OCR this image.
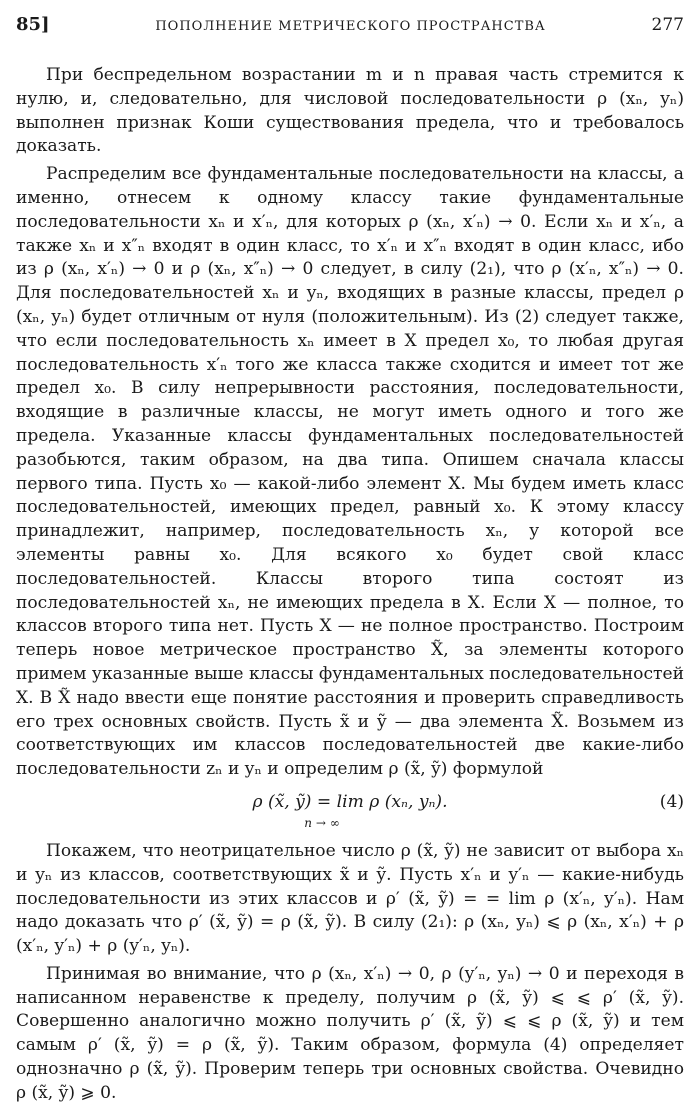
85]	ПОПОЛНЕНИЕ МЕТРИЧЕСКОГО ПРОСТРАНСТВА	277

При беспредельном возрастании m и n правая часть стремится к нулю, и, следовательно, для числовой последовательности ρ (xₙ, yₙ) выполнен признак Коши существования предела, что и требовалось доказать.

Распределим все фундаментальные последовательности на классы, а именно, отнесем к одному классу такие фундаментальные последовательности xₙ и x′ₙ, для которых ρ (xₙ, x′ₙ) → 0. Если xₙ и x′ₙ, а также xₙ и x″ₙ входят в один класс, то x′ₙ и x″ₙ входят в один класс, ибо из ρ (xₙ, x′ₙ) → 0 и ρ (xₙ, x″ₙ) → 0 следует, в силу (2₁), что ρ (x′ₙ, x″ₙ) → 0. Для последовательностей xₙ и yₙ, входящих в разные классы, предел ρ (xₙ, yₙ) будет отличным от нуля (положительным). Из (2) следует также, что если последовательность xₙ имеет в X предел x₀, то любая другая последовательность x′ₙ того же класса также сходится и имеет тот же предел x₀. В силу непрерывности расстояния, последовательности, входящие в различные классы, не могут иметь одного и того же предела. Указанные классы фундаментальных последовательностей разобьются, таким образом, на два типа. Опишем сначала классы первого типа. Пусть x₀ — какой-либо элемент X. Мы будем иметь класс последовательностей, имеющих предел, равный x₀. К этому классу принадлежит, например, последовательность xₙ, у которой все элементы равны x₀. Для всякого x₀ будет свой класс последовательностей. Классы второго типа состоят из последовательностей xₙ, не имеющих предела в X. Если X — полное, то классов второго типа нет. Пусть X — не полное пространство. Построим теперь новое метрическое пространство X̃, за элементы которого примем указанные выше классы фундаментальных последовательностей X. В X̃ надо ввести еще понятие расстояния и проверить справедливость его трех основных свойств. Пусть x̃ и ỹ — два элемента X̃. Возьмем из соответствующих им классов последовательностей две какие-либо последовательности zₙ и yₙ и определим ρ (x̃, ỹ) формулой

ρ (x̃, ỹ) = lim ρ (xₙ, yₙ).
n → ∞
(4)

Покажем, что неотрицательное число ρ (x̃, ỹ) не зависит от выбора xₙ и yₙ из классов, соответствующих x̃ и ỹ. Пусть x′ₙ и y′ₙ — какие-нибудь последовательности из этих классов и ρ′ (x̃, ỹ) = = lim ρ (x′ₙ, y′ₙ). Нам надо доказать что ρ′ (x̃, ỹ) = ρ (x̃, ỹ). В силу (2₁): ρ (xₙ, yₙ) ⩽ ρ (xₙ, x′ₙ) + ρ (x′ₙ, y′ₙ) + ρ (y′ₙ, yₙ).

Принимая во внимание, что ρ (xₙ, x′ₙ) → 0, ρ (y′ₙ, yₙ) → 0 и переходя в написанном неравенстве к пределу, получим ρ (x̃, ỹ) ⩽ ⩽ ρ′ (x̃, ỹ). Совершенно аналогично можно получить ρ′ (x̃, ỹ) ⩽ ⩽ ρ (x̃, ỹ) и тем самым ρ′ (x̃, ỹ) = ρ (x̃, ỹ). Таким образом, формула (4) определяет однозначно ρ (x̃, ỹ). Проверим теперь три основных свойства. Очевидно ρ (x̃, ỹ) ⩾ 0.
